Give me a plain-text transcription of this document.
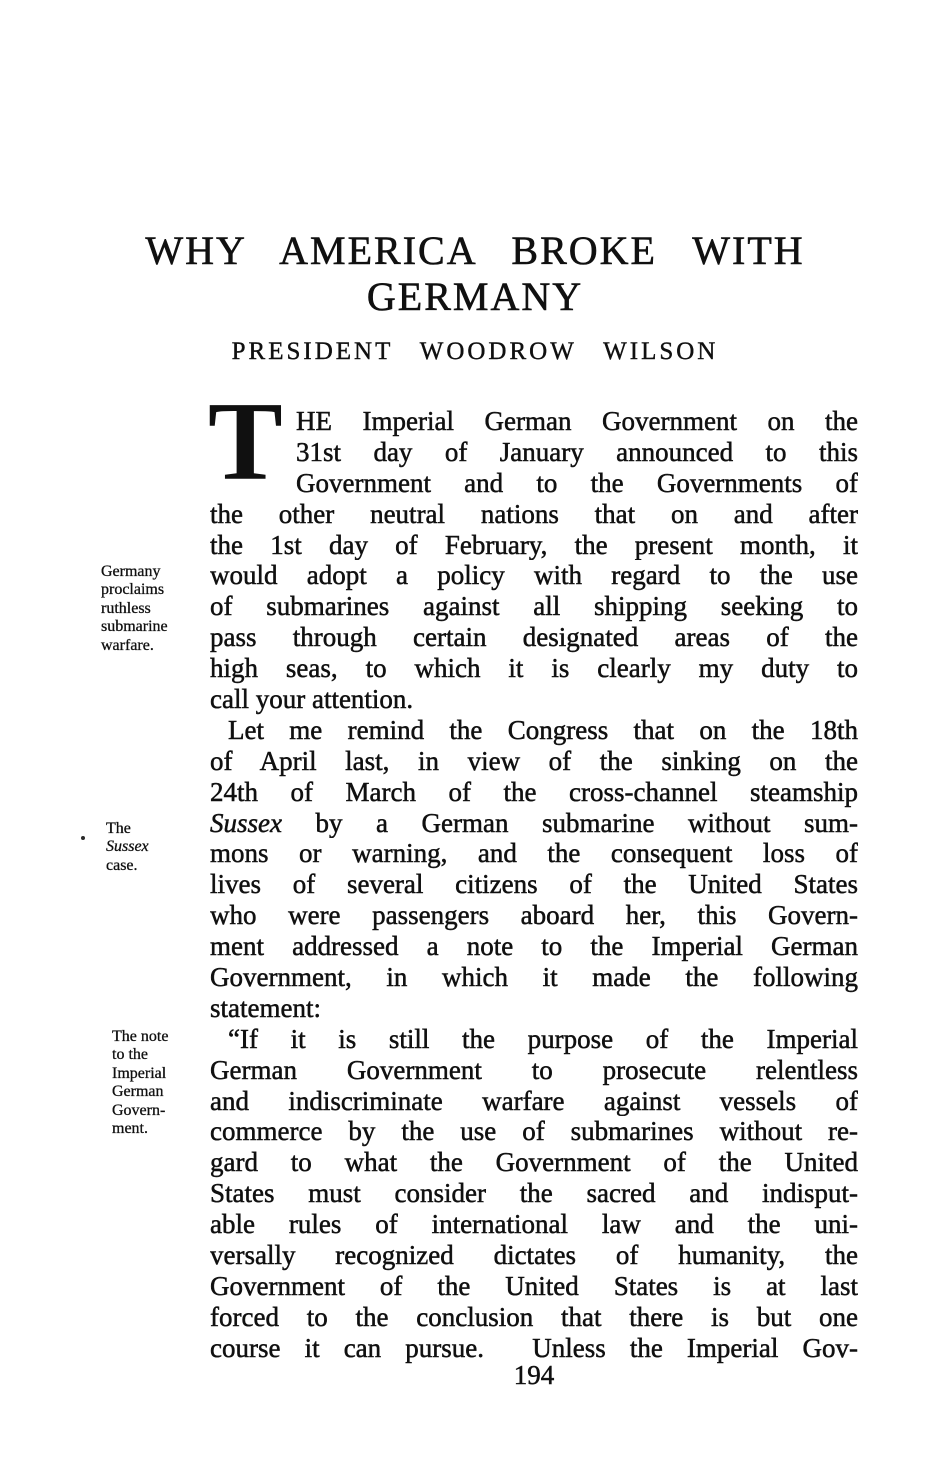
WHY AMERICA BROKE WITH
GERMANY
PRESIDENT WOODROW WILSON
Germany
proclaims
ruthless
submarine
warfare.
The
Sussex
case.
The note
to the
Imperial
German
Govern-
ment.
T HE Imperial German Government on the
31st day of January announced to this
Government and to the Governments of
the other neutral nations that on and after
the 1st day of February, the present month, it
would adopt a policy with regard to the use
of submarines against all shipping seeking to
pass through certain designated areas of the
high seas, to which it is clearly my duty to
call your attention.
Let me remind the Congress that on the 18th
of April last, in view of the sinking on the
24th of March of the cross-channel steamship
Sussex by a German submarine without sum-
mons or warning, and the consequent loss of
lives of several citizens of the United States
who were passengers aboard her, this Govern-
ment addressed a note to the Imperial German
Government, in which it made the following
statement:
“If it is still the purpose of the Imperial
German Government to prosecute relentless
and indiscriminate warfare against vessels of
commerce by the use of submarines without re-
gard to what the Government of the United
States must consider the sacred and indisput-
able rules of international law and the uni-
versally recognized dictates of humanity, the
Government of the United States is at last
forced to the conclusion that there is but one
course it can pursue.  Unless the Imperial Gov-
194
